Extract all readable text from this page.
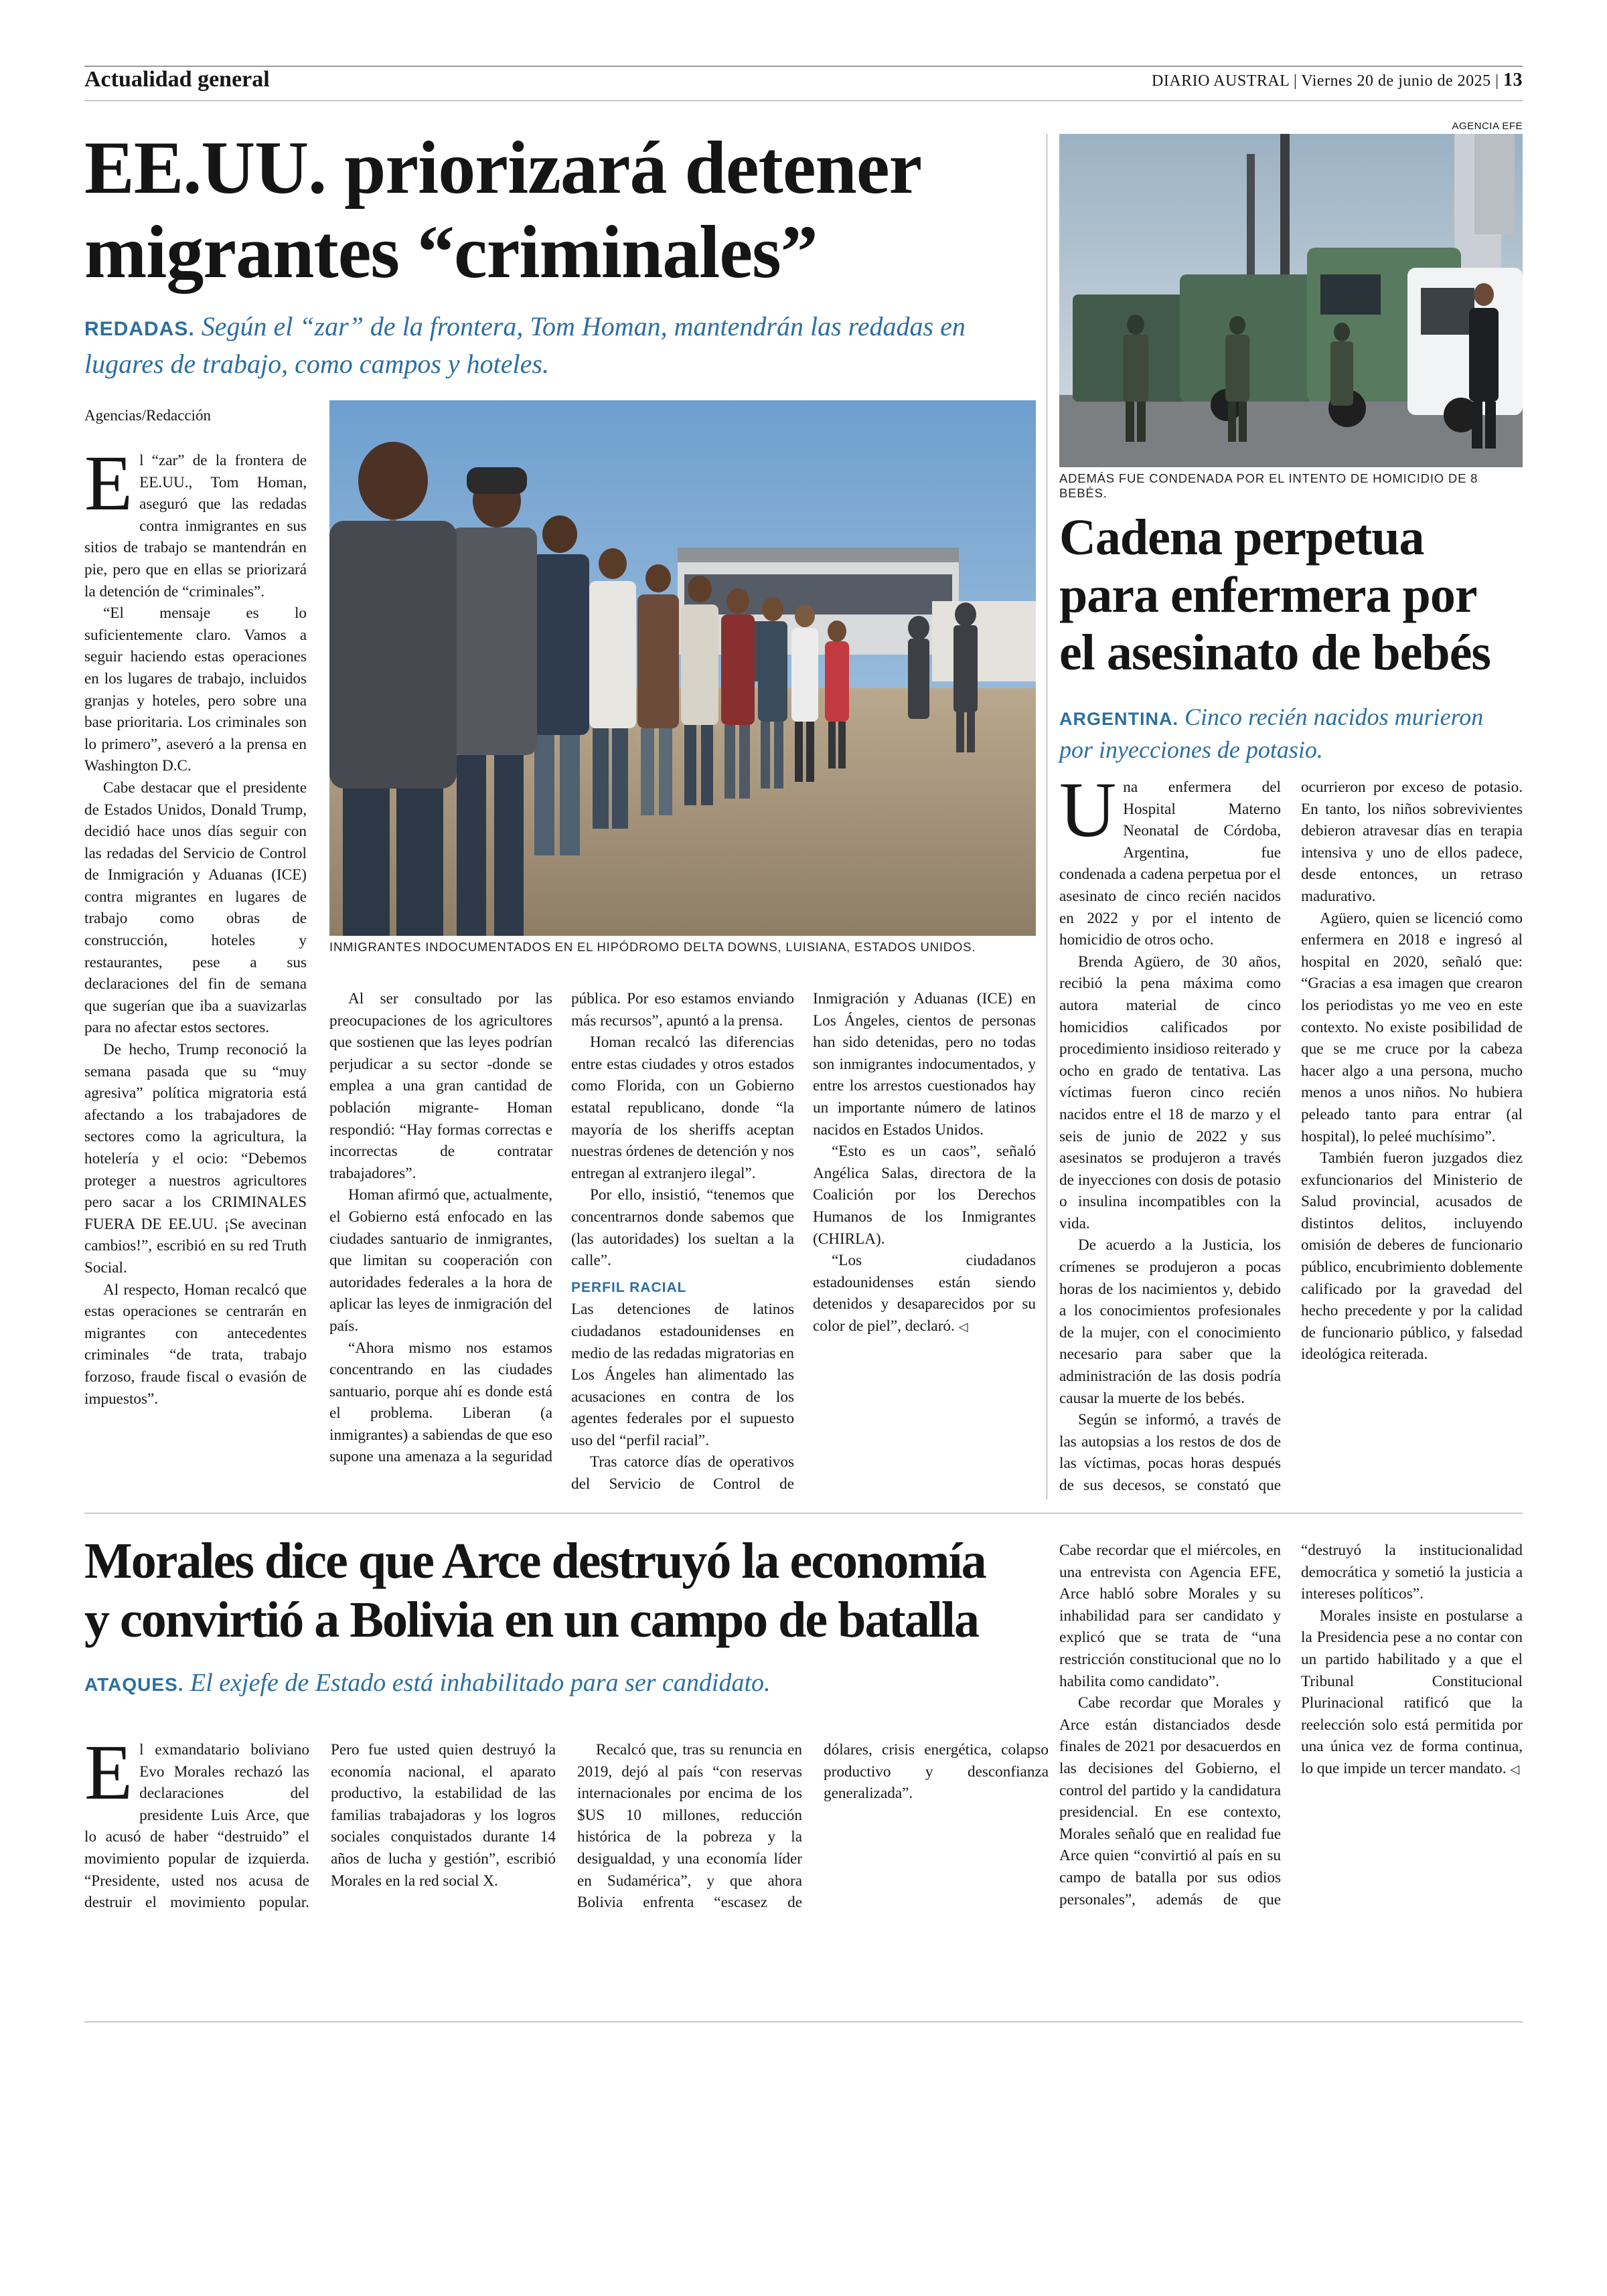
Actualidad general	DIARIO AUSTRAL | Viernes 20 de junio de 2025 | 13
EE.UU. priorizará detener
migrantes “criminales”
REDADAS. Según el “zar” de la frontera, Tom Homan, mantendrán las redadas en lugares de trabajo, como campos y hoteles.
Agencias/Redacción
INMIGRANTES INDOCUMENTADOS EN EL HIPÓDROMO DELTA DOWNS, LUISIANA, ESTADOS UNIDOS.

El “zar” de la frontera de EE.UU., Tom Homan, aseguró que las redadas contra inmigrantes en sus sitios de trabajo se mantendrán en pie, pero que en ellas se priorizará la detención de “criminales”.

“El mensaje es lo suficientemente claro. Vamos a seguir haciendo estas operaciones en los lugares de trabajo, incluidos granjas y hoteles, pero sobre una base prioritaria. Los criminales son lo primero”, aseveró a la prensa en Washington D.C.

Cabe destacar que el presidente de Estados Unidos, Donald Trump, decidió hace unos días seguir con las redadas del Servicio de Control de Inmigración y Aduanas (ICE) contra migrantes en lugares de trabajo como obras de construcción, hoteles y restaurantes, pese a sus declaraciones del fin de semana que sugerían que iba a suavizarlas para no afectar estos sectores.

De hecho, Trump reconoció la semana pasada que su “muy agresiva” política migratoria está afectando a los trabajadores de sectores como la agricultura, la hotelería y el ocio: “Debemos proteger a nuestros agricultores pero sacar a los CRIMINALES FUERA DE EE.UU. ¡Se avecinan cambios!”, escribió en su red Truth Social.

Al respecto, Homan recalcó que estas operaciones se centrarán en migrantes con antecedentes criminales “de trata, trabajo forzoso, fraude fiscal o evasión de impuestos”.

Al ser consultado por las preocupaciones de los agricultores que sostienen que las leyes podrían perjudicar a su sector -donde se emplea a una gran cantidad de población migrante- Homan respondió: “Hay formas correctas e incorrectas de contratar trabajadores”.

Homan afirmó que, actualmente, el Gobierno está enfocado en las ciudades santuario de inmigrantes, que limitan su cooperación con autoridades federales a la hora de aplicar las leyes de inmigración del país.

“Ahora mismo nos estamos concentrando en las ciudades santuario, porque ahí es donde está el problema. Liberan (a inmigrantes) a sabiendas de que eso supone una amenaza a la seguridad pública. Por eso estamos enviando más recursos”, apuntó a la prensa.

Homan recalcó las diferencias entre estas ciudades y otros estados como Florida, con un Gobierno estatal republicano, donde “la mayoría de los sheriffs aceptan nuestras órdenes de detención y nos entregan al extranjero ilegal”.

Por ello, insistió, “tenemos que concentrarnos donde sabemos que (las autoridades) los sueltan a la calle”.

PERFIL RACIAL

Las detenciones de latinos ciudadanos estadounidenses en medio de las redadas migratorias en Los Ángeles han alimentado las acusaciones en contra de los agentes federales por el supuesto uso del “perfil racial”.

Tras catorce días de operativos del Servicio de Control de Inmigración y Aduanas (ICE) en Los Ángeles, cientos de personas han sido detenidas, pero no todas son inmigrantes indocumentados, y entre los arrestos cuestionados hay un importante número de latinos nacidos en Estados Unidos.

“Esto es un caos”, señaló Angélica Salas, directora de la Coalición por los Derechos Humanos de los Inmigrantes (CHIRLA).

“Los ciudadanos estadounidenses están siendo detenidos y desaparecidos por su color de piel”, declaró. ◁

AGENCIA EFE
ADEMÁS FUE CONDENADA POR EL INTENTO DE HOMICIDIO DE 8 BEBÉS.
Cadena perpetua
para enfermera por
el asesinato de bebés
ARGENTINA. Cinco recién nacidos murieron por inyecciones de potasio.

Una enfermera del Hospital Materno Neonatal de Córdoba, Argentina, fue condenada a cadena perpetua por el asesinato de cinco recién nacidos en 2022 y por el intento de homicidio de otros ocho.

Brenda Agüero, de 30 años, recibió la pena máxima como autora material de cinco homicidios calificados por procedimiento insidioso reiterado y ocho en grado de tentativa. Las víctimas fueron cinco recién nacidos entre el 18 de marzo y el seis de junio de 2022 y sus asesinatos se produjeron a través de inyecciones con dosis de potasio o insulina incompatibles con la vida.

De acuerdo a la Justicia, los crímenes se produjeron a pocas horas de los nacimientos y, debido a los conocimientos profesionales de la mujer, con el conocimiento necesario para saber que la administración de las dosis podría causar la muerte de los bebés.

Según se informó, a través de las autopsias a los restos de dos de las víctimas, pocas horas después de sus decesos, se constató que ocurrieron por exceso de potasio. En tanto, los niños sobrevivientes debieron atravesar días en terapia intensiva y uno de ellos padece, desde entonces, un retraso madurativo.

Agüero, quien se licenció como enfermera en 2018 e ingresó al hospital en 2020, señaló que: “Gracias a esa imagen que crearon los periodistas yo me veo en este contexto. No existe posibilidad de que se me cruce por la cabeza hacer algo a una persona, mucho menos a unos niños. No hubiera peleado tanto para entrar (al hospital), lo peleé muchísimo”.

También fueron juzgados diez exfuncionarios del Ministerio de Salud provincial, acusados de distintos delitos, incluyendo omisión de deberes de funcionario público, encubrimiento doblemente calificado por la gravedad del hecho precedente y por la calidad de funcionario público, y falsedad ideológica reiterada.

Morales dice que Arce destruyó la economía
y convirtió a Bolivia en un campo de batalla
ATAQUES. El exjefe de Estado está inhabilitado para ser candidato.

El exmandatario boliviano Evo Morales rechazó las declaraciones del presidente Luis Arce, que lo acusó de haber “destruido” el movimiento popular de izquierda. “Presidente, usted nos acusa de destruir el movimiento popular. Pero fue usted quien destruyó la economía nacional, el aparato productivo, la estabilidad de las familias trabajadoras y los logros sociales conquistados durante 14 años de lucha y gestión”, escribió Morales en la red social X.

Recalcó que, tras su renuncia en 2019, dejó al país “con reservas internacionales por encima de los $US 10 millones, reducción histórica de la pobreza y la desigualdad, y una economía líder en Sudamérica”, y que ahora Bolivia enfrenta “escasez de dólares, crisis energética, colapso productivo y desconfianza generalizada”.

Cabe recordar que el miércoles, en una entrevista con Agencia EFE, Arce habló sobre Morales y su inhabilidad para ser candidato y explicó que se trata de “una restricción constitucional que no lo habilita como candidato”.

Cabe recordar que Morales y Arce están distanciados desde finales de 2021 por desacuerdos en las decisiones del Gobierno, el control del partido y la candidatura presidencial. En ese contexto, Morales señaló que en realidad fue Arce quien “convirtió al país en su campo de batalla por sus odios personales”, además de que “destruyó la institucionalidad democrática y sometió la justicia a intereses políticos”.

Morales insiste en postularse a la Presidencia pese a no contar con un partido habilitado y a que el Tribunal Constitucional Plurinacional ratificó que la reelección solo está permitida por una única vez de forma continua, lo que impide un tercer mandato. ◁
